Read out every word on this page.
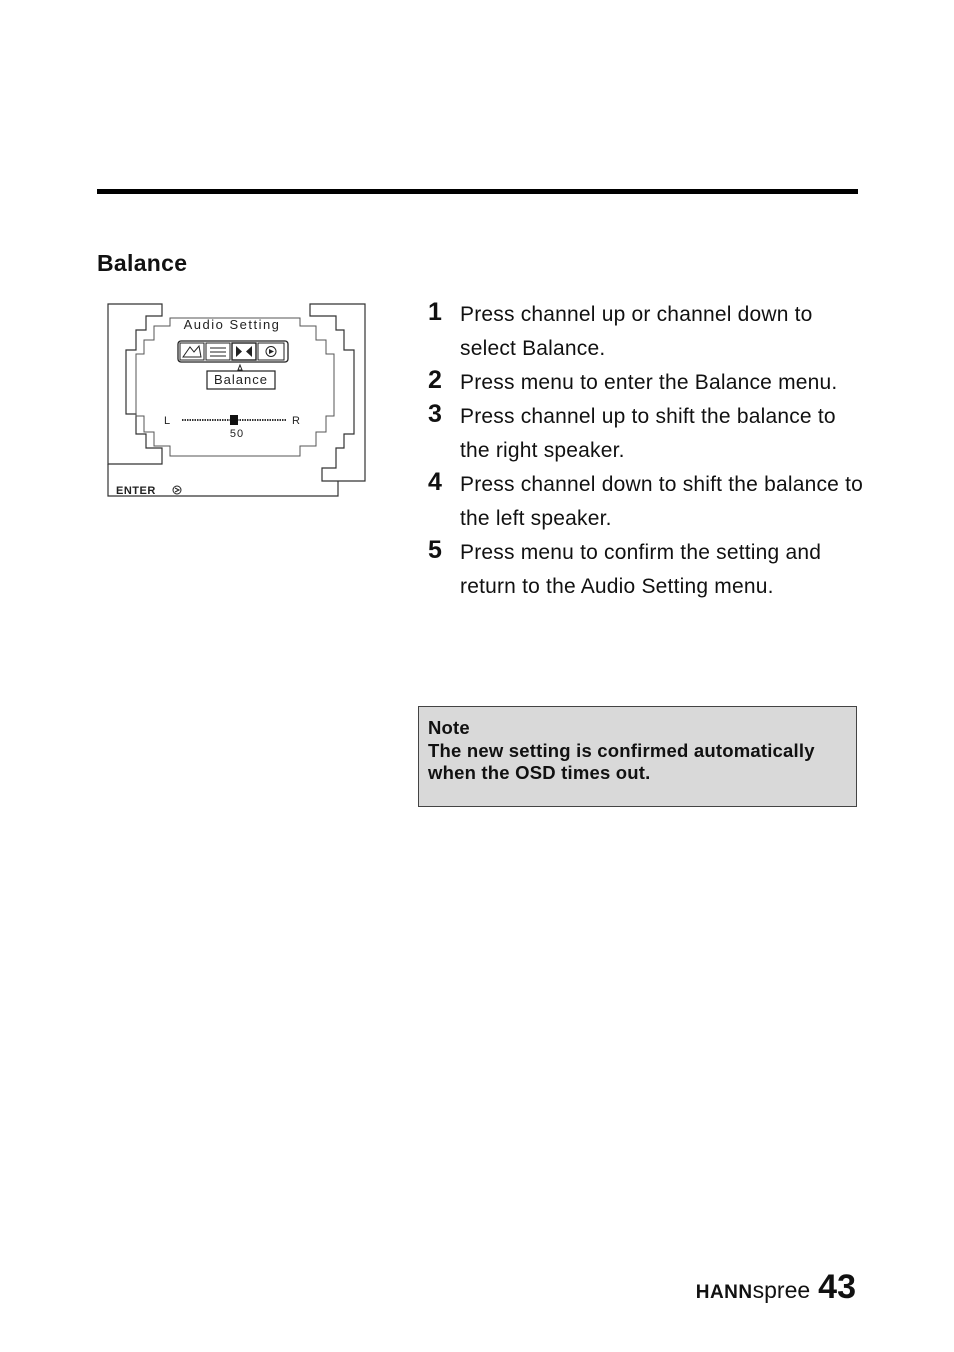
Balance
Audio Setting
Balance
L	R
50
ENTER
1 Press channel up or channel down to select Balance.
2 Press menu to enter the Balance menu.
3 Press channel up to shift the balance to the right speaker.
4 Press channel down to shift the balance to the left speaker.
5 Press menu to confirm the setting and return to the Audio Setting menu.
Note
The new setting is confirmed automatically when the OSD times out.
HANN spree 43
